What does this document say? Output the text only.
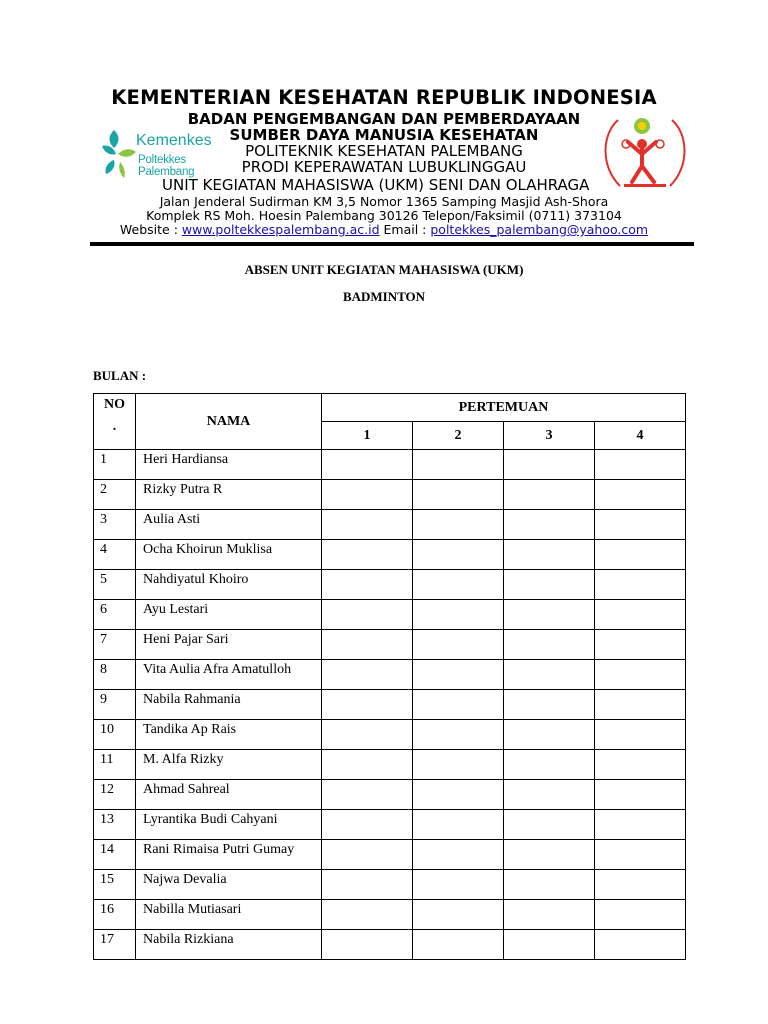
KEMENTERIAN KESEHATAN REPUBLIK INDONESIA
BADAN PENGEMBANGAN DAN PEMBERDAYAAN
SUMBER DAYA MANUSIA KESEHATAN
POLITEKNIK KESEHATAN PALEMBANG
PRODI KEPERAWATAN LUBUKLINGGAU
UNIT KEGIATAN MAHASISWA (UKM) SENI DAN OLAHRAGA
Jalan Jenderal Sudirman KM 3,5 Nomor 1365 Samping Masjid Ash-Shora
Komplek RS Moh. Hoesin Palembang 30126 Telepon/Faksimil (0711) 373104
Website : www.poltekkespalembang.ac.id Email : poltekkes_palembang@yahoo.com
Kemenkes
Poltekkes Palembang
ABSEN UNIT KEGIATAN MAHASISWA (UKM)
BADMINTON
BULAN :
NO
.	NAMA	PERTEMUAN			
		1	2	3	4
1	Heri Hardiansa				
2	Rizky Putra R				
3	Aulia Asti				
4	Ocha Khoirun Muklisa				
5	Nahdiyatul Khoiro				
6	Ayu Lestari				
7	Heni Pajar Sari				
8	Vita Aulia Afra Amatulloh				
9	Nabila Rahmania				
10	Tandika Ap Rais				
11	M. Alfa Rizky				
12	Ahmad Sahreal				
13	Lyrantika Budi Cahyani				
14	Rani Rimaisa Putri Gumay				
15	Najwa Devalia				
16	Nabilla Mutiasari				
17	Nabila Rizkiana				
